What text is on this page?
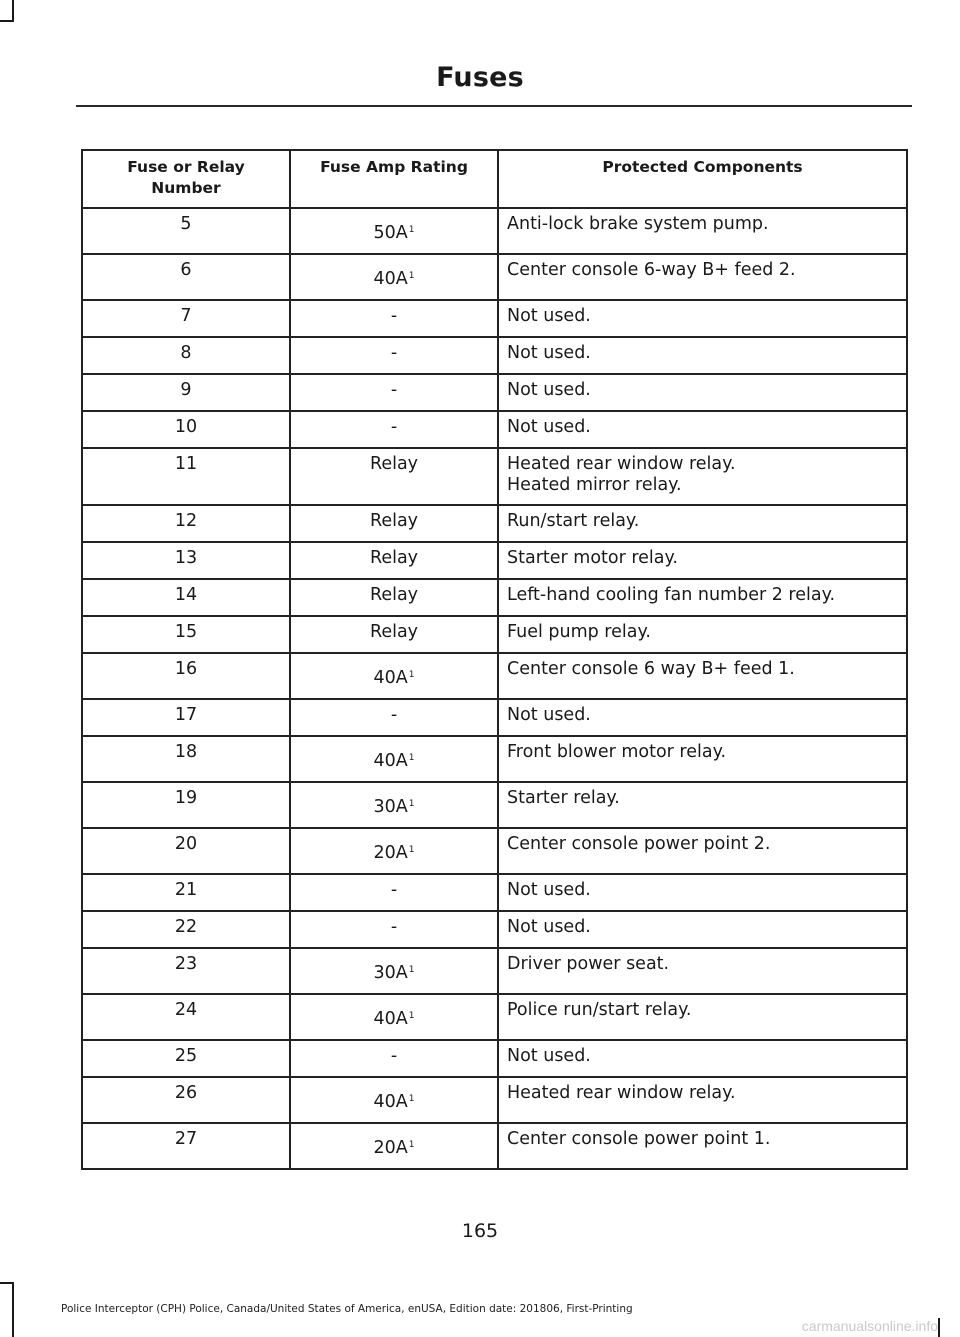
Fuses
Fuse or Relay Number	Fuse Amp Rating	Protected Components
5	$50A^1$	Anti-lock brake system pump.

6	$40A^1$	Center console 6-way B+ feed 2.

7	-	Not used.

8	-	Not used.

9	-	Not used.

10	-	Not used.

11	Relay	Heated rear window relay.
Heated mirror relay.

12	Relay	Run/start relay.

13	Relay	Starter motor relay.

14	Relay	Left-hand cooling fan number 2 relay.

15	Relay	Fuel pump relay.

16	$40A^1$	Center console 6 way B+ feed 1.

17	-	Not used.

18	$40A^1$	Front blower motor relay.

19	$30A^1$	Starter relay.

20	$20A^1$	Center console power point 2.

21	-	Not used.

22	-	Not used.

23	$30A^1$	Driver power seat.

24	$40A^1$	Police run/start relay.

25	-	Not used.

26	$40A^1$	Heated rear window relay.

27	$20A^1$	Center console power point 1.
165
Police Interceptor (CPH) Police, Canada/United States of America, enUSA, Edition date: 201806, First-Printing
carmanualsonline.info
